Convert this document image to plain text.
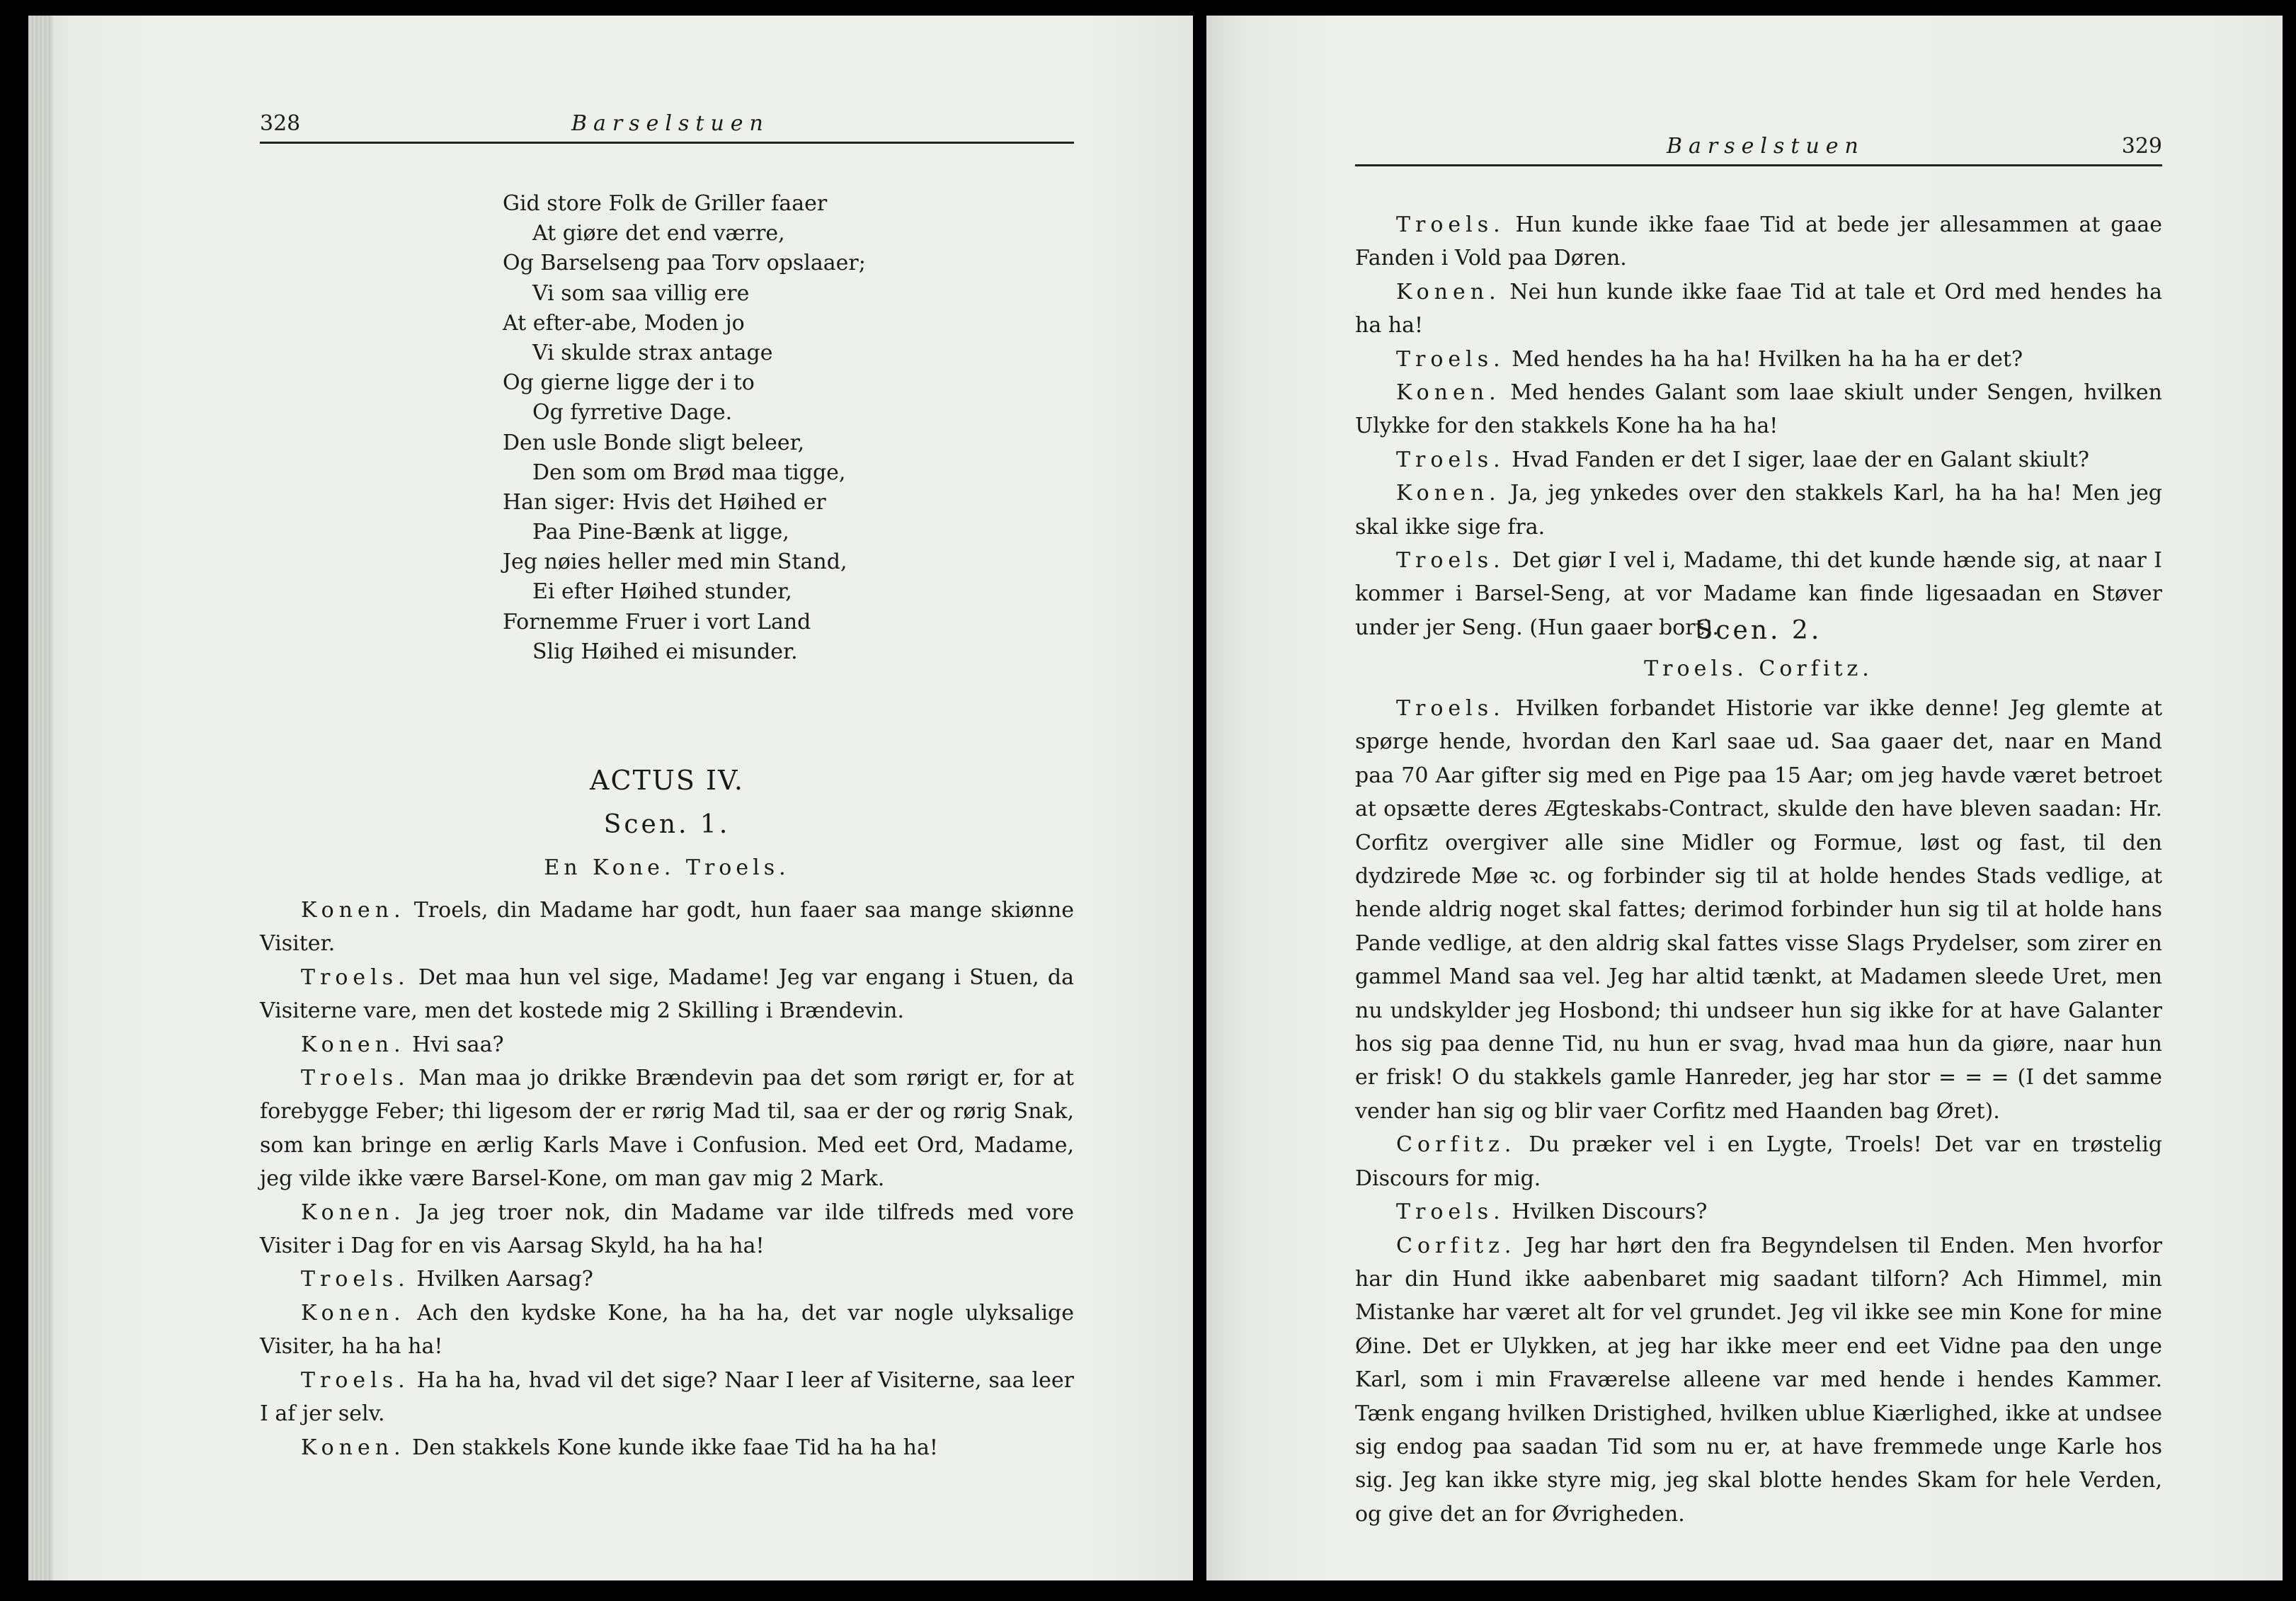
328	Barselstuen
Gid store Folk de Griller faaer
At giøre det end værre,
Og Barselseng paa Torv opslaaer;
Vi som saa villig ere
At efter-abe, Moden jo
Vi skulde strax antage
Og gierne ligge der i to
Og fyrretive Dage.
Den usle Bonde sligt beleer,
Den som om Brød maa tigge,
Han siger: Hvis det Høihed er
Paa Pine-Bænk at ligge,
Jeg nøies heller med min Stand,
Ei efter Høihed stunder,
Fornemme Fruer i vort Land
Slig Høihed ei misunder.
ACTUS IV.
Scen. 1.
En Kone. Troels.

Konen. Troels, din Madame har godt, hun faaer saa mange skiønne Visiter.

Troels. Det maa hun vel sige, Madame! Jeg var engang i Stuen, da Visiterne vare, men det kostede mig 2 Skilling i Brændevin.

Konen. Hvi saa?

Troels. Man maa jo drikke Brændevin paa det som rørigt er, for at forebygge Feber; thi ligesom der er rørig Mad til, saa er der og rørig Snak, som kan bringe en ærlig Karls Mave i Confusion. Med eet Ord, Madame, jeg vilde ikke være Barsel-Kone, om man gav mig 2 Mark.

Konen. Ja jeg troer nok, din Madame var ilde tilfreds med vore Visiter i Dag for en vis Aarsag Skyld, ha ha ha!

Troels. Hvilken Aarsag?

Konen. Ach den kydske Kone, ha ha ha, det var nogle ulyksalige Visiter, ha ha ha!

Troels. Ha ha ha, hvad vil det sige? Naar I leer af Visiterne, saa leer I af jer selv.

Konen. Den stakkels Kone kunde ikke faae Tid ha ha ha!

Barselstuen	329

Troels. Hun kunde ikke faae Tid at bede jer allesammen at gaae Fanden i Vold paa Døren.

Konen. Nei hun kunde ikke faae Tid at tale et Ord med hendes ha ha ha!

Troels. Med hendes ha ha ha! Hvilken ha ha ha er det?

Konen. Med hendes Galant som laae skiult under Sengen, hvilken Ulykke for den stakkels Kone ha ha ha!

Troels. Hvad Fanden er det I siger, laae der en Galant skiult?

Konen. Ja, jeg ynkedes over den stakkels Karl, ha ha ha! Men jeg skal ikke sige fra.

Troels. Det giør I vel i, Madame, thi det kunde hænde sig, at naar I kommer i Barsel-Seng, at vor Madame kan finde ligesaadan en Støver under jer Seng. (Hun gaaer bort).

Scen. 2.
Troels. Corfitz.

Troels. Hvilken forbandet Historie var ikke denne! Jeg glemte at spørge hende, hvordan den Karl saae ud. Saa gaaer det, naar en Mand paa 70 Aar gifter sig med en Pige paa 15 Aar; om jeg havde været betroet at opsætte deres Ægteskabs-Contract, skulde den have bleven saadan: Hr. Corfitz overgiver alle sine Midler og Formue, løst og fast, til den dydzirede Møe ꝛc. og forbinder sig til at holde hendes Stads vedlige, at hende aldrig noget skal fattes; derimod forbinder hun sig til at holde hans Pande vedlige, at den aldrig skal fattes visse Slags Prydelser, som zirer en gammel Mand saa vel. Jeg har altid tænkt, at Madamen sleede Uret, men nu undskylder jeg Hosbond; thi undseer hun sig ikke for at have Galanter hos sig paa denne Tid, nu hun er svag, hvad maa hun da giøre, naar hun er frisk! O du stakkels gamle Hanreder, jeg har stor = = = (I det samme vender han sig og blir vaer Corfitz med Haanden bag Øret).

Corfitz. Du præker vel i en Lygte, Troels! Det var en trøstelig Discours for mig.

Troels. Hvilken Discours?

Corfitz. Jeg har hørt den fra Begyndelsen til Enden. Men hvorfor har din Hund ikke aabenbaret mig saadant tilforn? Ach Himmel, min Mistanke har været alt for vel grundet. Jeg vil ikke see min Kone for mine Øine. Det er Ulykken, at jeg har ikke meer end eet Vidne paa den unge Karl, som i min Fraværelse alleene var med hende i hendes Kammer. Tænk engang hvilken Dristighed, hvilken ublue Kiærlighed, ikke at undsee sig endog paa saadan Tid som nu er, at have fremmede unge Karle hos sig. Jeg kan ikke styre mig, jeg skal blotte hendes Skam for hele Verden, og give det an for Øvrigheden.
